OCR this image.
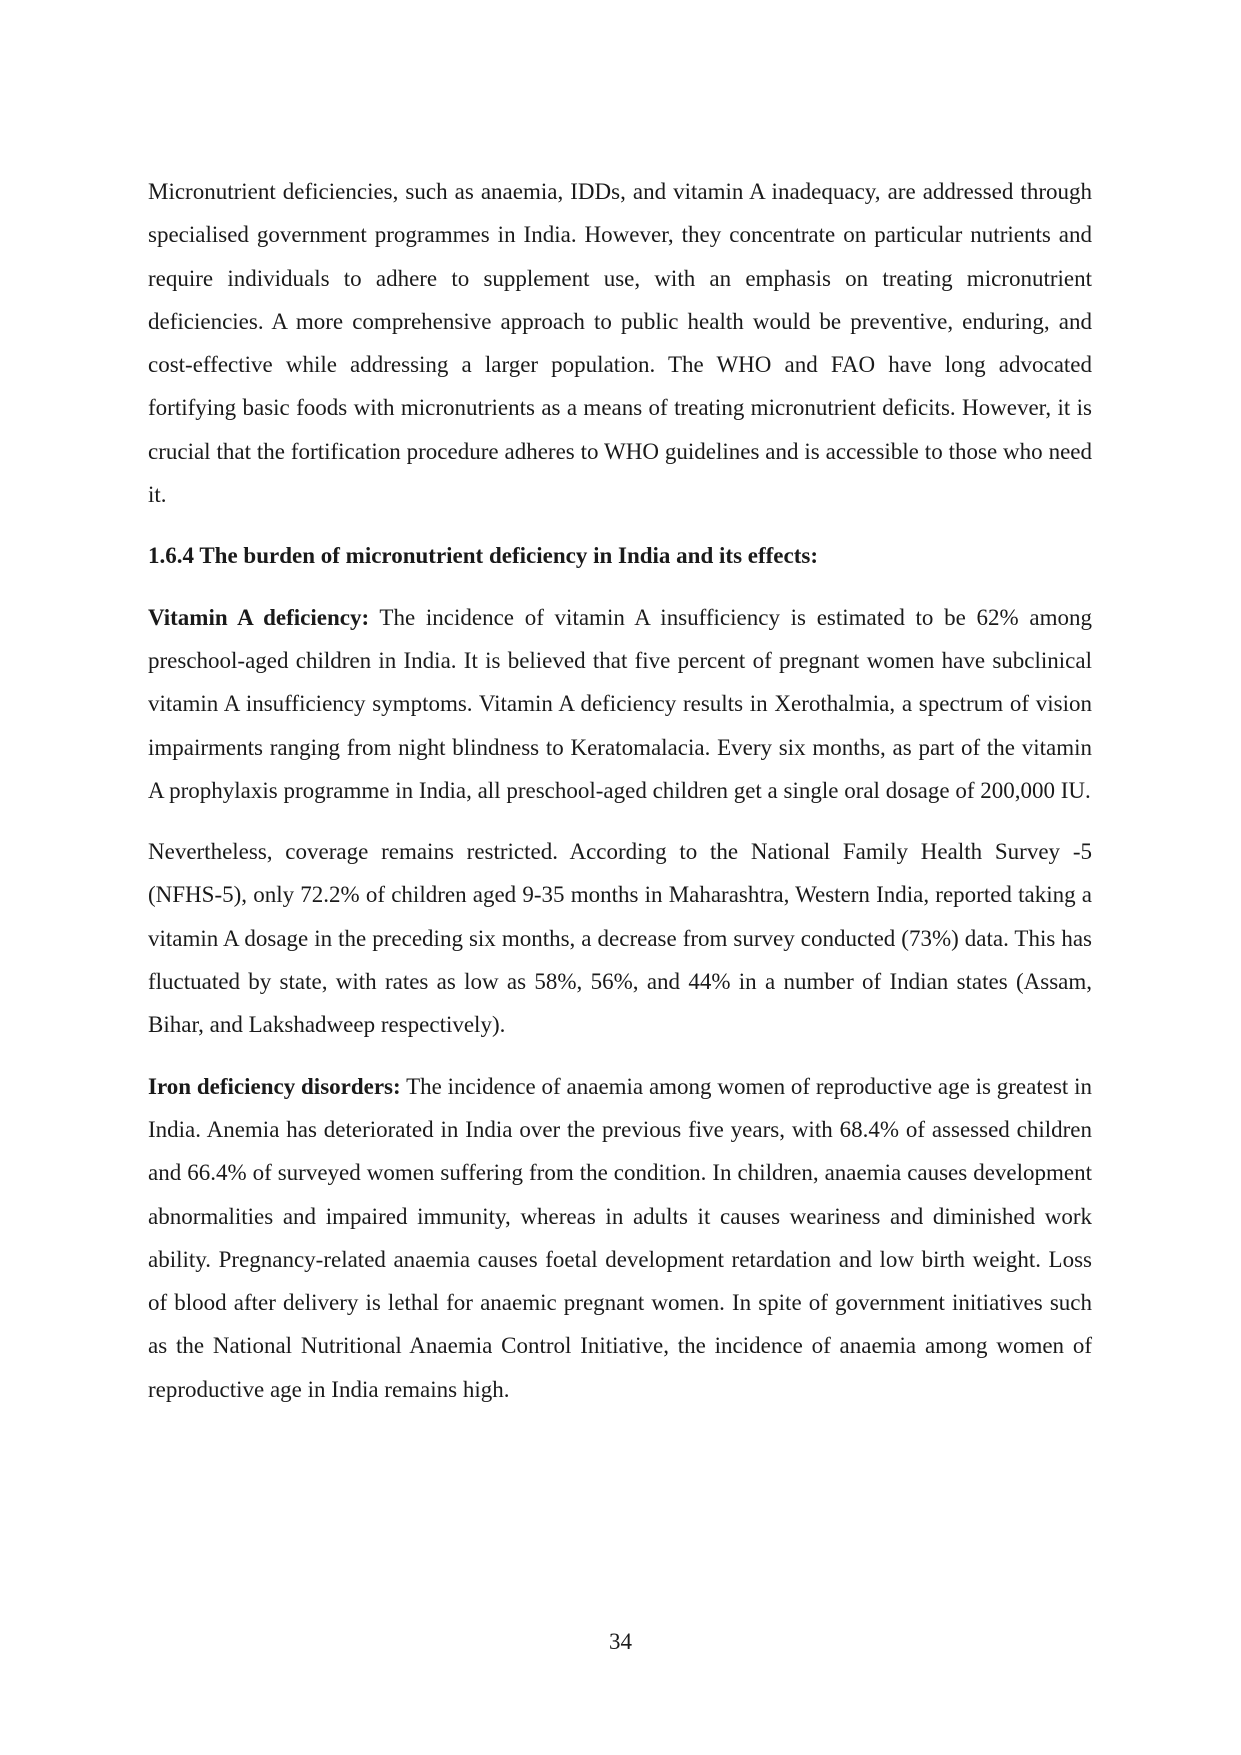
Micronutrient deficiencies, such as anaemia, IDDs, and vitamin A inadequacy, are addressed through specialised government programmes in India. However, they concentrate on particular nutrients and require individuals to adhere to supplement use, with an emphasis on treating micronutrient deficiencies. A more comprehensive approach to public health would be preventive, enduring, and cost-effective while addressing a larger population. The WHO and FAO have long advocated fortifying basic foods with micronutrients as a means of treating micronutrient deficits. However, it is crucial that the fortification procedure adheres to WHO guidelines and is accessible to those who need it.

1.6.4 The burden of micronutrient deficiency in India and its effects:

Vitamin A deficiency: The incidence of vitamin A insufficiency is estimated to be 62% among preschool-aged children in India. It is believed that five percent of pregnant women have subclinical vitamin A insufficiency symptoms. Vitamin A deficiency results in Xerothalmia, a spectrum of vision impairments ranging from night blindness to Keratomalacia. Every six months, as part of the vitamin A prophylaxis programme in India, all preschool-aged children get a single oral dosage of 200,000 IU.

Nevertheless, coverage remains restricted. According to the National Family Health Survey -5 (NFHS-5), only 72.2% of children aged 9-35 months in Maharashtra, Western India, reported taking a vitamin A dosage in the preceding six months, a decrease from survey conducted (73%) data. This has fluctuated by state, with rates as low as 58%, 56%, and 44% in a number of Indian states (Assam, Bihar, and Lakshadweep respectively).

Iron deficiency disorders: The incidence of anaemia among women of reproductive age is greatest in India. Anemia has deteriorated in India over the previous five years, with 68.4% of assessed children and 66.4% of surveyed women suffering from the condition. In children, anaemia causes development abnormalities and impaired immunity, whereas in adults it causes weariness and diminished work ability. Pregnancy-related anaemia causes foetal development retardation and low birth weight. Loss of blood after delivery is lethal for anaemic pregnant women. In spite of government initiatives such as the National Nutritional Anaemia Control Initiative, the incidence of anaemia among women of reproductive age in India remains high.

34
